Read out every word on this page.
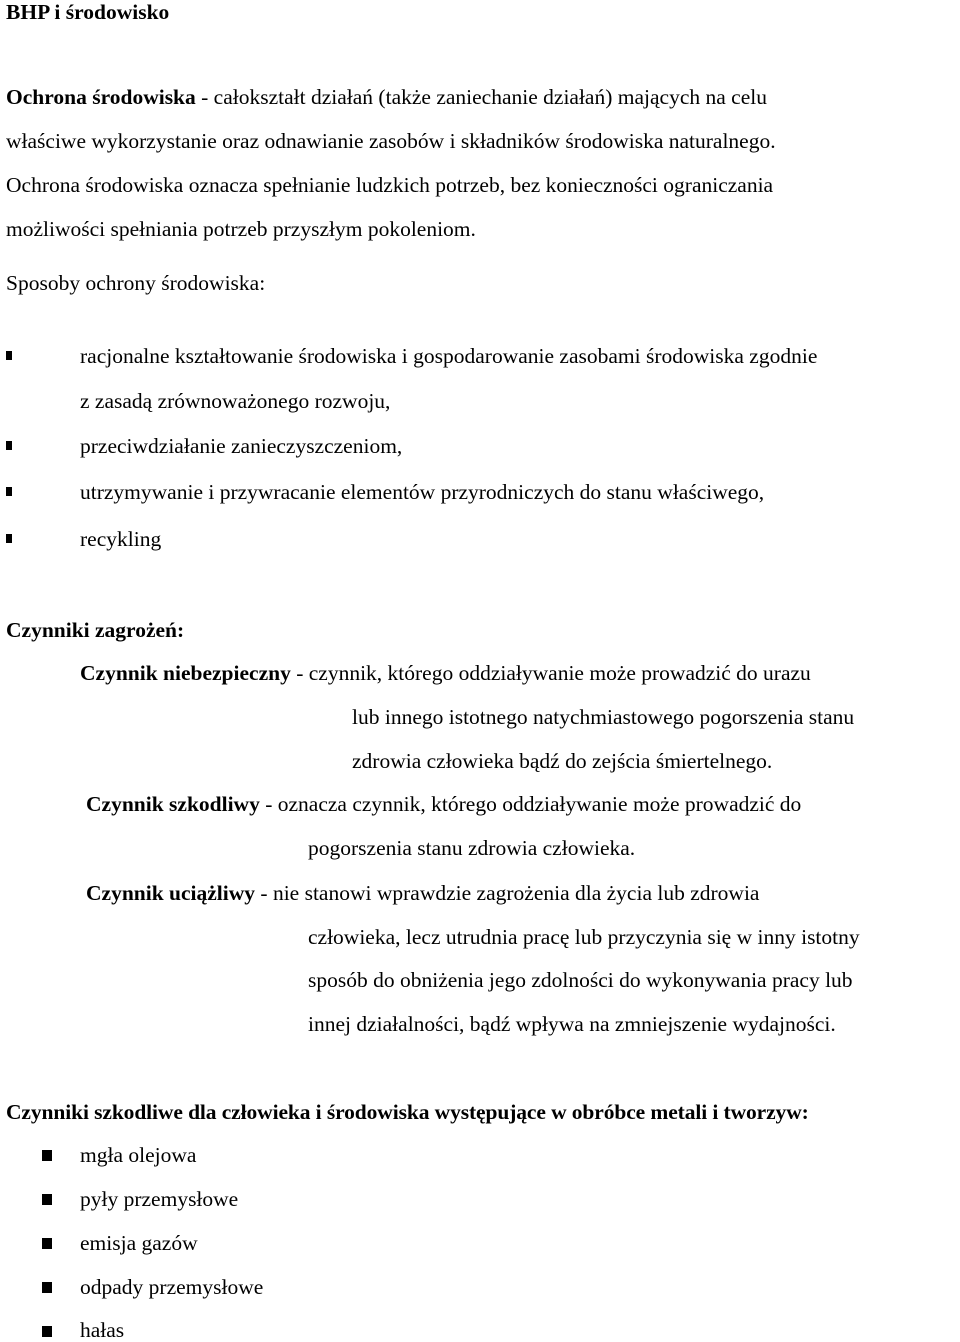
BHP i środowisko
Ochrona środowiska - całokształt działań (także zaniechanie działań) mających na celu
właściwe wykorzystanie oraz odnawianie zasobów i składników środowiska naturalnego.
Ochrona środowiska oznacza spełnianie ludzkich potrzeb, bez konieczności ograniczania
możliwości spełniania potrzeb przyszłym pokoleniom.
Sposoby ochrony środowiska:
racjonalne kształtowanie środowiska i gospodarowanie zasobami środowiska zgodnie
z zasadą zrównoważonego rozwoju,
przeciwdziałanie zanieczyszczeniom,
utrzymywanie i przywracanie elementów przyrodniczych do stanu właściwego,
recykling
Czynniki zagrożeń:
Czynnik niebezpieczny - czynnik, którego oddziaływanie może prowadzić do urazu
lub innego istotnego natychmiastowego pogorszenia stanu
zdrowia człowieka bądź do zejścia śmiertelnego.
Czynnik szkodliwy - oznacza czynnik, którego oddziaływanie może prowadzić do
pogorszenia stanu zdrowia człowieka.
Czynnik uciążliwy - nie stanowi wprawdzie zagrożenia dla życia lub zdrowia
człowieka, lecz utrudnia pracę lub przyczynia się w inny istotny
sposób do obniżenia jego zdolności do wykonywania pracy lub
innej działalności, bądź wpływa na zmniejszenie wydajności.
Czynniki szkodliwe dla człowieka i środowiska występujące w obróbce metali i tworzyw:
mgła olejowa
pyły przemysłowe
emisja gazów
odpady przemysłowe
hałas
